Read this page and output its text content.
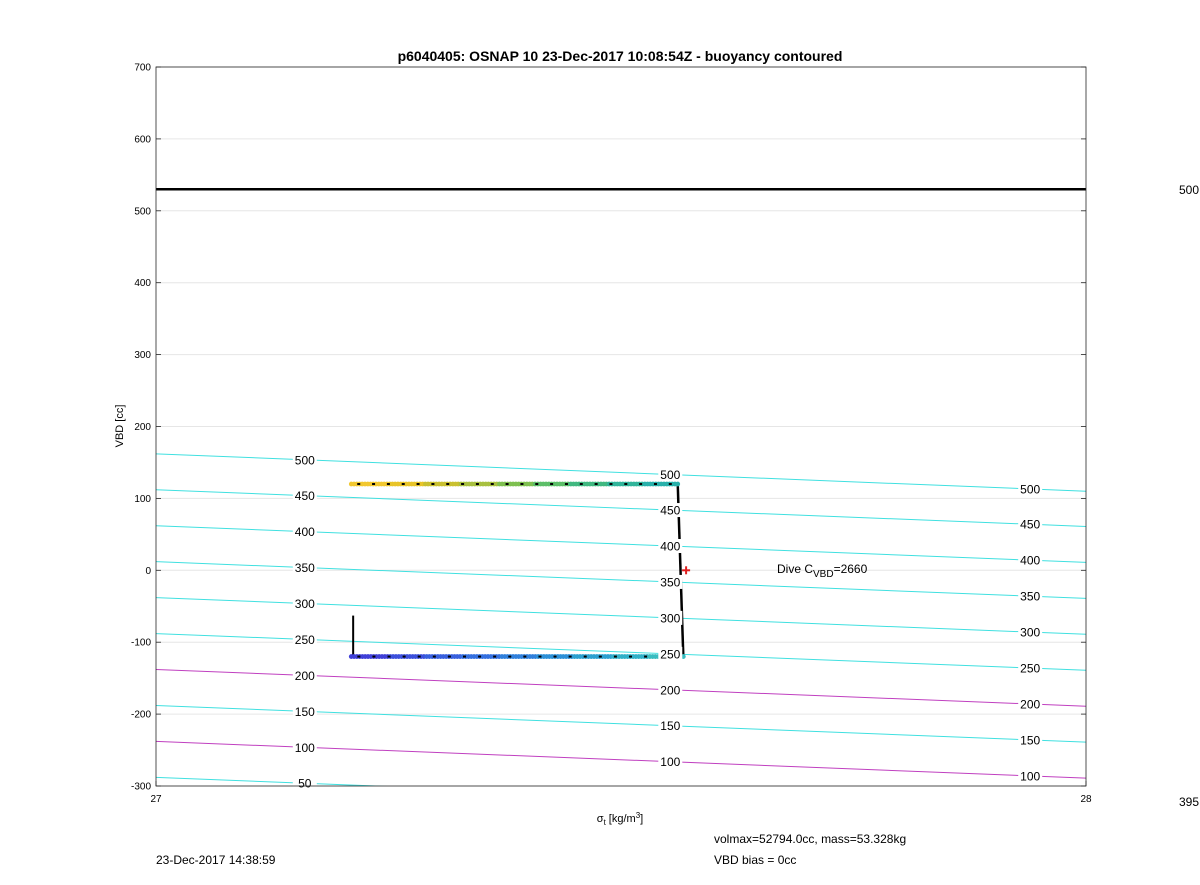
500
450
400
350
300
250
200
150
100
50
500
450
400
350
300
250
200
150
100
500
450
400
350
300
250
200
150
100
700
600
500
400
300
200
100
0
-100
-200
-300
27	28
p6040405: OSNAP 10 23-Dec-2017 10:08:54Z - buoyancy contoured
VBD [cc]
$\sigma_t$ $[kg/m^3]$
Dive $C_{VBD}=2660$
500
395
23-Dec-2017 14:38:59
volmax=52794.0cc, mass=53.328kg
VBD bias = 0cc
